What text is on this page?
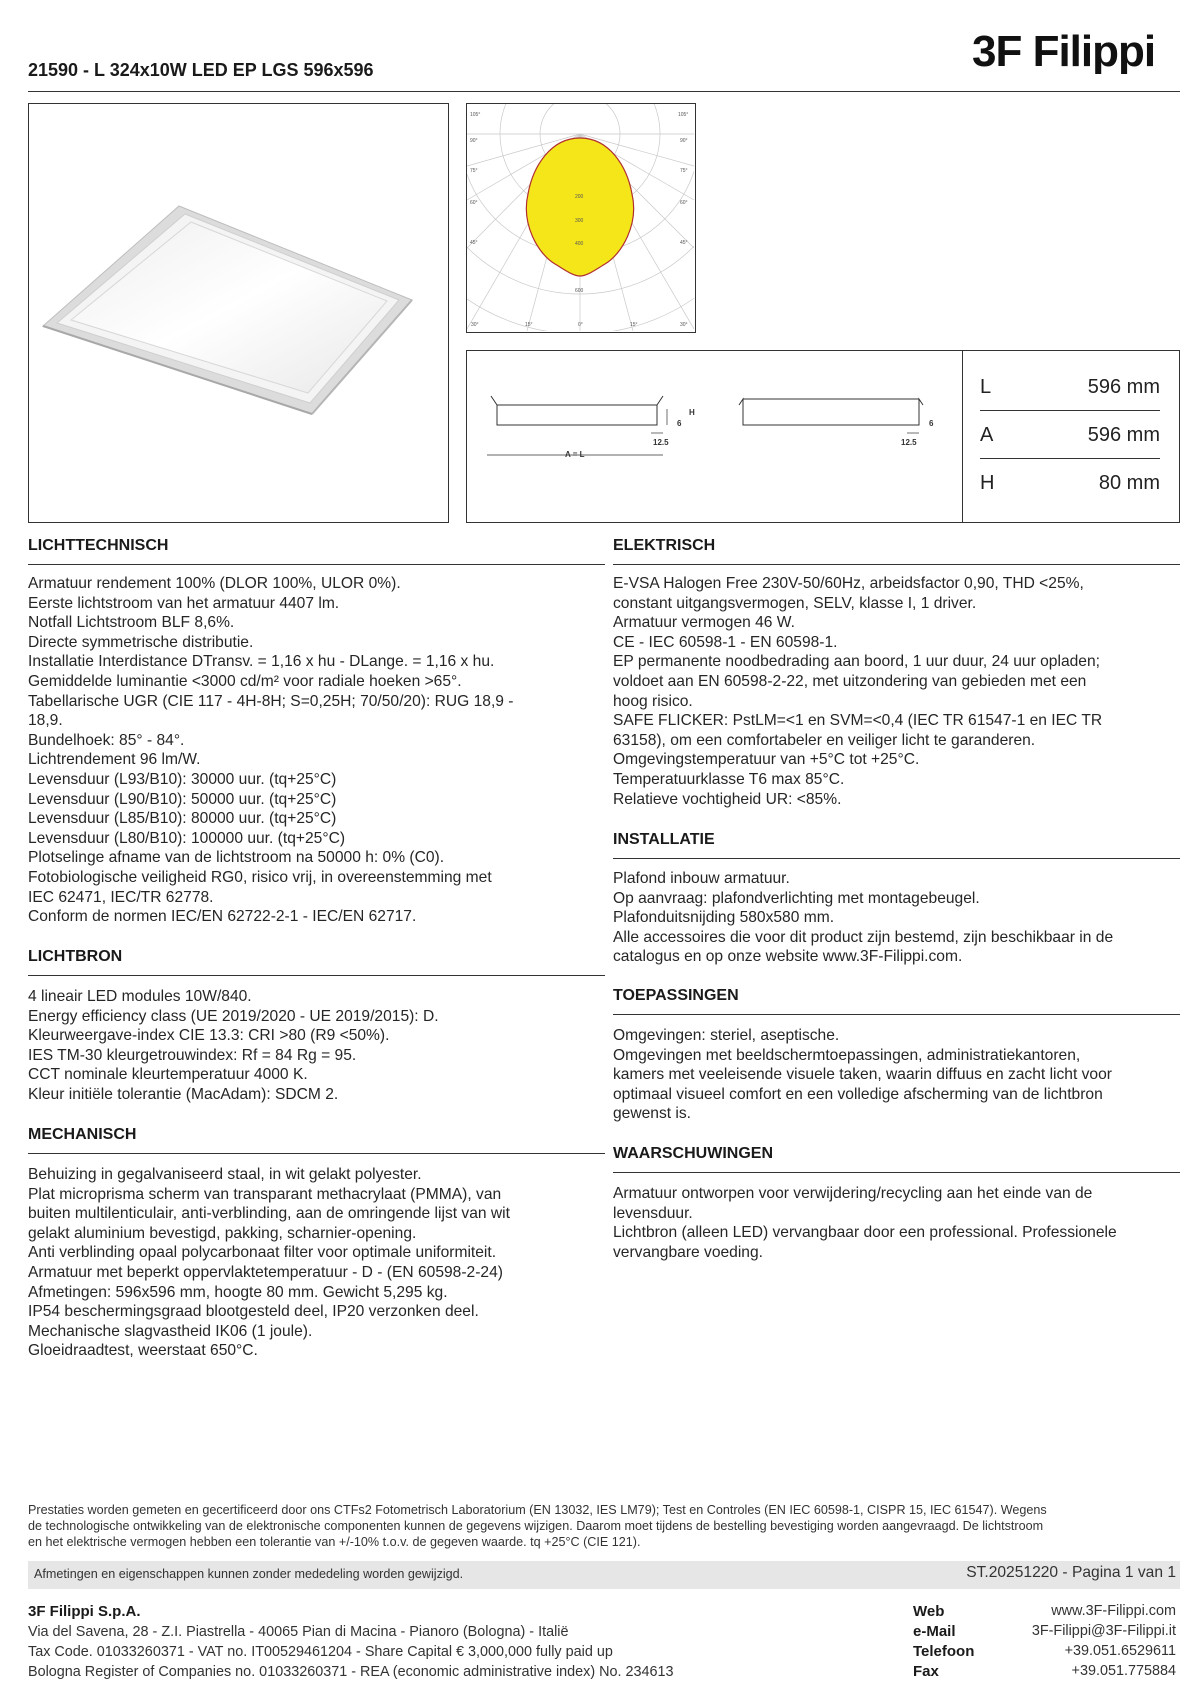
21590 - L 324x10W LED EP LGS 596x596	3F Filippi
105°
90°
75°
60°
45°
105°
90°
75°
60°
45°
30°	15°	0°	15°	30°
200
300
400
600
6
H
12.5
A = L
6
12.5
L	596 mm
A	596 mm
H	80 mm
LICHTTECHNISCH
Armatuur rendement 100% (DLOR 100%, ULOR 0%).
Eerste lichtstroom van het armatuur 4407 lm.
Notfall Lichtstroom BLF 8,6%.
Directe symmetrische distributie.
Installatie Interdistance DTransv. = 1,16 x hu - DLange. = 1,16 x hu.
Gemiddelde luminantie <3000 cd/m² voor radiale hoeken >65°.
Tabellarische UGR (CIE 117 - 4H-8H; S=0,25H; 70/50/20): RUG 18,9 -
18,9.
Bundelhoek: 85° - 84°.
Lichtrendement 96 lm/W.
Levensduur (L93/B10): 30000 uur. (tq+25°C)
Levensduur (L90/B10): 50000 uur. (tq+25°C)
Levensduur (L85/B10): 80000 uur. (tq+25°C)
Levensduur (L80/B10): 100000 uur. (tq+25°C)
Plotselinge afname van de lichtstroom na 50000 h: 0% (C0).
Fotobiologische veiligheid RG0, risico vrij, in overeenstemming met
IEC 62471, IEC/TR 62778.
Conform de normen IEC/EN 62722-2-1 - IEC/EN 62717.
LICHTBRON
4 lineair LED modules 10W/840.
Energy efficiency class (UE 2019/2020 - UE 2019/2015): D.
Kleurweergave-index CIE 13.3: CRI >80 (R9 <50%).
IES TM-30 kleurgetrouwindex: Rf = 84 Rg = 95.
CCT nominale kleurtemperatuur 4000 K.
Kleur initiële tolerantie (MacAdam): SDCM 2.
MECHANISCH
Behuizing in gegalvaniseerd staal, in wit gelakt polyester.
Plat microprisma scherm van transparant methacrylaat (PMMA), van
buiten multilenticulair, anti-verblinding, aan de omringende lijst van wit
gelakt aluminium bevestigd, pakking, scharnier-opening.
Anti verblinding opaal polycarbonaat filter voor optimale uniformiteit.
Armatuur met beperkt oppervlaktetemperatuur - D - (EN 60598-2-24)
Afmetingen: 596x596 mm, hoogte 80 mm. Gewicht 5,295 kg.
IP54 beschermingsgraad blootgesteld deel, IP20 verzonken deel.
Mechanische slagvastheid IK06 (1 joule).
Gloeidraadtest, weerstaat 650°C.
ELEKTRISCH
E-VSA Halogen Free 230V-50/60Hz, arbeidsfactor 0,90, THD <25%,
constant uitgangsvermogen, SELV, klasse I, 1 driver.
Armatuur vermogen 46 W.
CE - IEC 60598-1 - EN 60598-1.
EP permanente noodbedrading aan boord, 1 uur duur, 24 uur opladen;
voldoet aan EN 60598-2-22, met uitzondering van gebieden met een
hoog risico.
SAFE FLICKER: PstLM=<1 en SVM=<0,4 (IEC TR 61547-1 en IEC TR
63158), om een comfortabeler en veiliger licht te garanderen.
Omgevingstemperatuur van +5°C tot +25°C.
Temperatuurklasse T6 max 85°C.
Relatieve vochtigheid UR: <85%.
INSTALLATIE
Plafond inbouw armatuur.
Op aanvraag: plafondverlichting met montagebeugel.
Plafonduitsnijding 580x580 mm.
Alle accessoires die voor dit product zijn bestemd, zijn beschikbaar in de
catalogus en op onze website www.3F-Filippi.com.
TOEPASSINGEN
Omgevingen: steriel, aseptische.
Omgevingen met beeldschermtoepassingen, administratiekantoren,
kamers met veeleisende visuele taken, waarin diffuus en zacht licht voor
optimaal visueel comfort en een volledige afscherming van de lichtbron
gewenst is.
WAARSCHUWINGEN
Armatuur ontworpen voor verwijdering/recycling aan het einde van de
levensduur.
Lichtbron (alleen LED) vervangbaar door een professional. Professionele
vervangbare voeding.
Prestaties worden gemeten en gecertificeerd door ons CTFs2 Fotometrisch Laboratorium (EN 13032, IES LM79); Test en Controles (EN IEC 60598-1, CISPR 15, IEC 61547). Wegens
de technologische ontwikkeling van de elektronische componenten kunnen de gegevens wijzigen. Daarom moet tijdens de bestelling bevestiging worden aangevraagd. De lichtstroom
en het elektrische vermogen hebben een tolerantie van +/-10% t.o.v. de gegeven waarde. tq +25°C (CIE 121).
Afmetingen en eigenschappen kunnen zonder mededeling worden gewijzigd.	ST.20251220 - Pagina 1 van 1
3F Filippi S.p.A.
Via del Savena, 28 - Z.I. Piastrella - 40065 Pian di Macina - Pianoro (Bologna) - Italië
Tax Code. 01033260371 - VAT no. IT00529461204 - Share Capital € 3,000,000 fully paid up
Bologna Register of Companies no. 01033260371 - REA (economic administrative index) No. 234613
Web	www.3F-Filippi.com
e-Mail	3F-Filippi@3F-Filippi.it
Telefoon	+39.051.6529611
Fax	+39.051.775884
